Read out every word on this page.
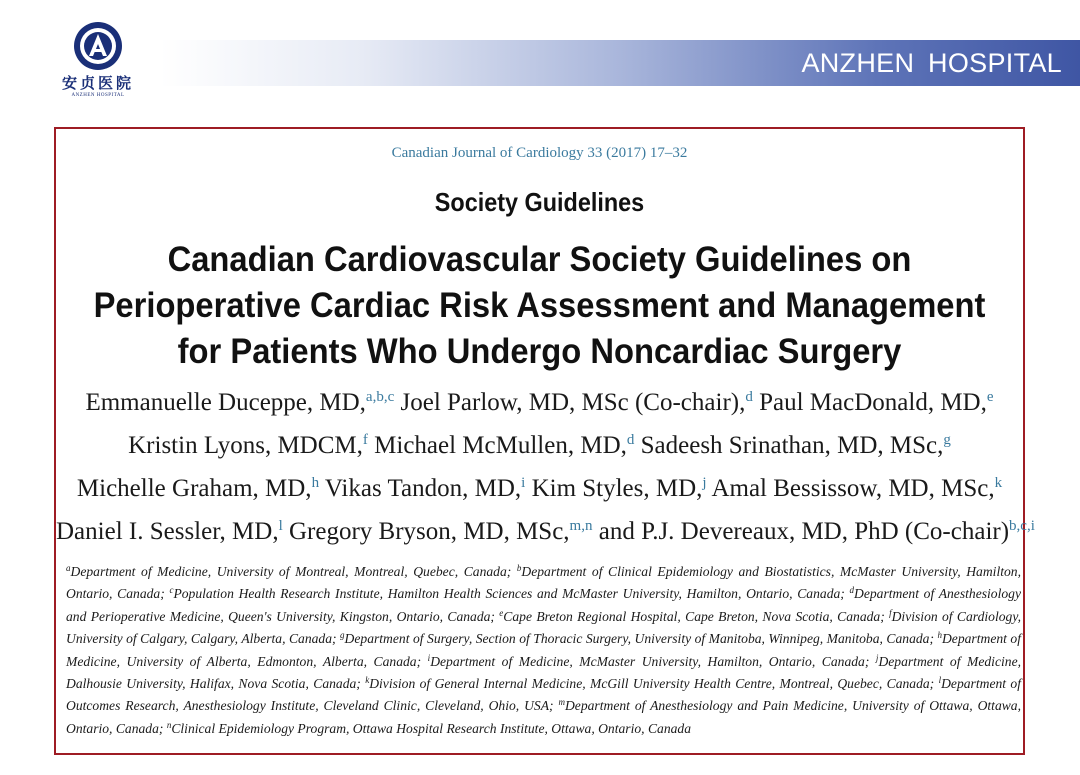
安贞医院
ANZHEN HOSPITAL
ANZHEN HOSPITAL
Canadian Journal of Cardiology 33 (2017) 17–32
Society Guidelines
Canadian Cardiovascular Society Guidelines on
Perioperative Cardiac Risk Assessment and Management
for Patients Who Undergo Noncardiac Surgery
Emmanuelle Duceppe, MD,$^{a,b,c}$ Joel Parlow, MD, MSc (Co-chair),$^d$ Paul MacDonald, MD,$^e$
Kristin Lyons, MDCM,$^f$ Michael McMullen, MD,$^d$ Sadeesh Srinathan, MD, MSc,$^g$
Michelle Graham, MD,$^h$ Vikas Tandon, MD,$^i$ Kim Styles, MD,$^j$ Amal Bessissow, MD, MSc,$^k$
Daniel I. Sessler, MD,$^l$ Gregory Bryson, MD, MSc,$^{m,n}$ and P.J. Devereaux, MD, PhD (Co-chair)$^{b,c,i}$
$^a$Department of Medicine, University of Montreal, Montreal, Quebec, Canada; $^b$Department of Clinical Epidemiology and Biostatistics, McMaster University, Hamilton, Ontario, Canada; $^c$Population Health Research Institute, Hamilton Health Sciences and McMaster University, Hamilton, Ontario, Canada; $^d$Department of Anesthesiology and Perioperative Medicine, Queen's University, Kingston, Ontario, Canada; $^e$Cape Breton Regional Hospital, Cape Breton, Nova Scotia, Canada; $^f$Division of Cardiology, University of Calgary, Calgary, Alberta, Canada; $^g$Department of Surgery, Section of Thoracic Surgery, University of Manitoba, Winnipeg, Manitoba, Canada; $^h$Department of Medicine, University of Alberta, Edmonton, Alberta, Canada; $^i$Department of Medicine, McMaster University, Hamilton, Ontario, Canada; $^j$Department of Medicine, Dalhousie University, Halifax, Nova Scotia, Canada; $^k$Division of General Internal Medicine, McGill University Health Centre, Montreal, Quebec, Canada; $^l$Department of Outcomes Research, Anesthesiology Institute, Cleveland Clinic, Cleveland, Ohio, USA; $^m$Department of Anesthesiology and Pain Medicine, University of Ottawa, Ottawa, Ontario, Canada; $^n$Clinical Epidemiology Program, Ottawa Hospital Research Institute, Ottawa, Ontario, Canada
